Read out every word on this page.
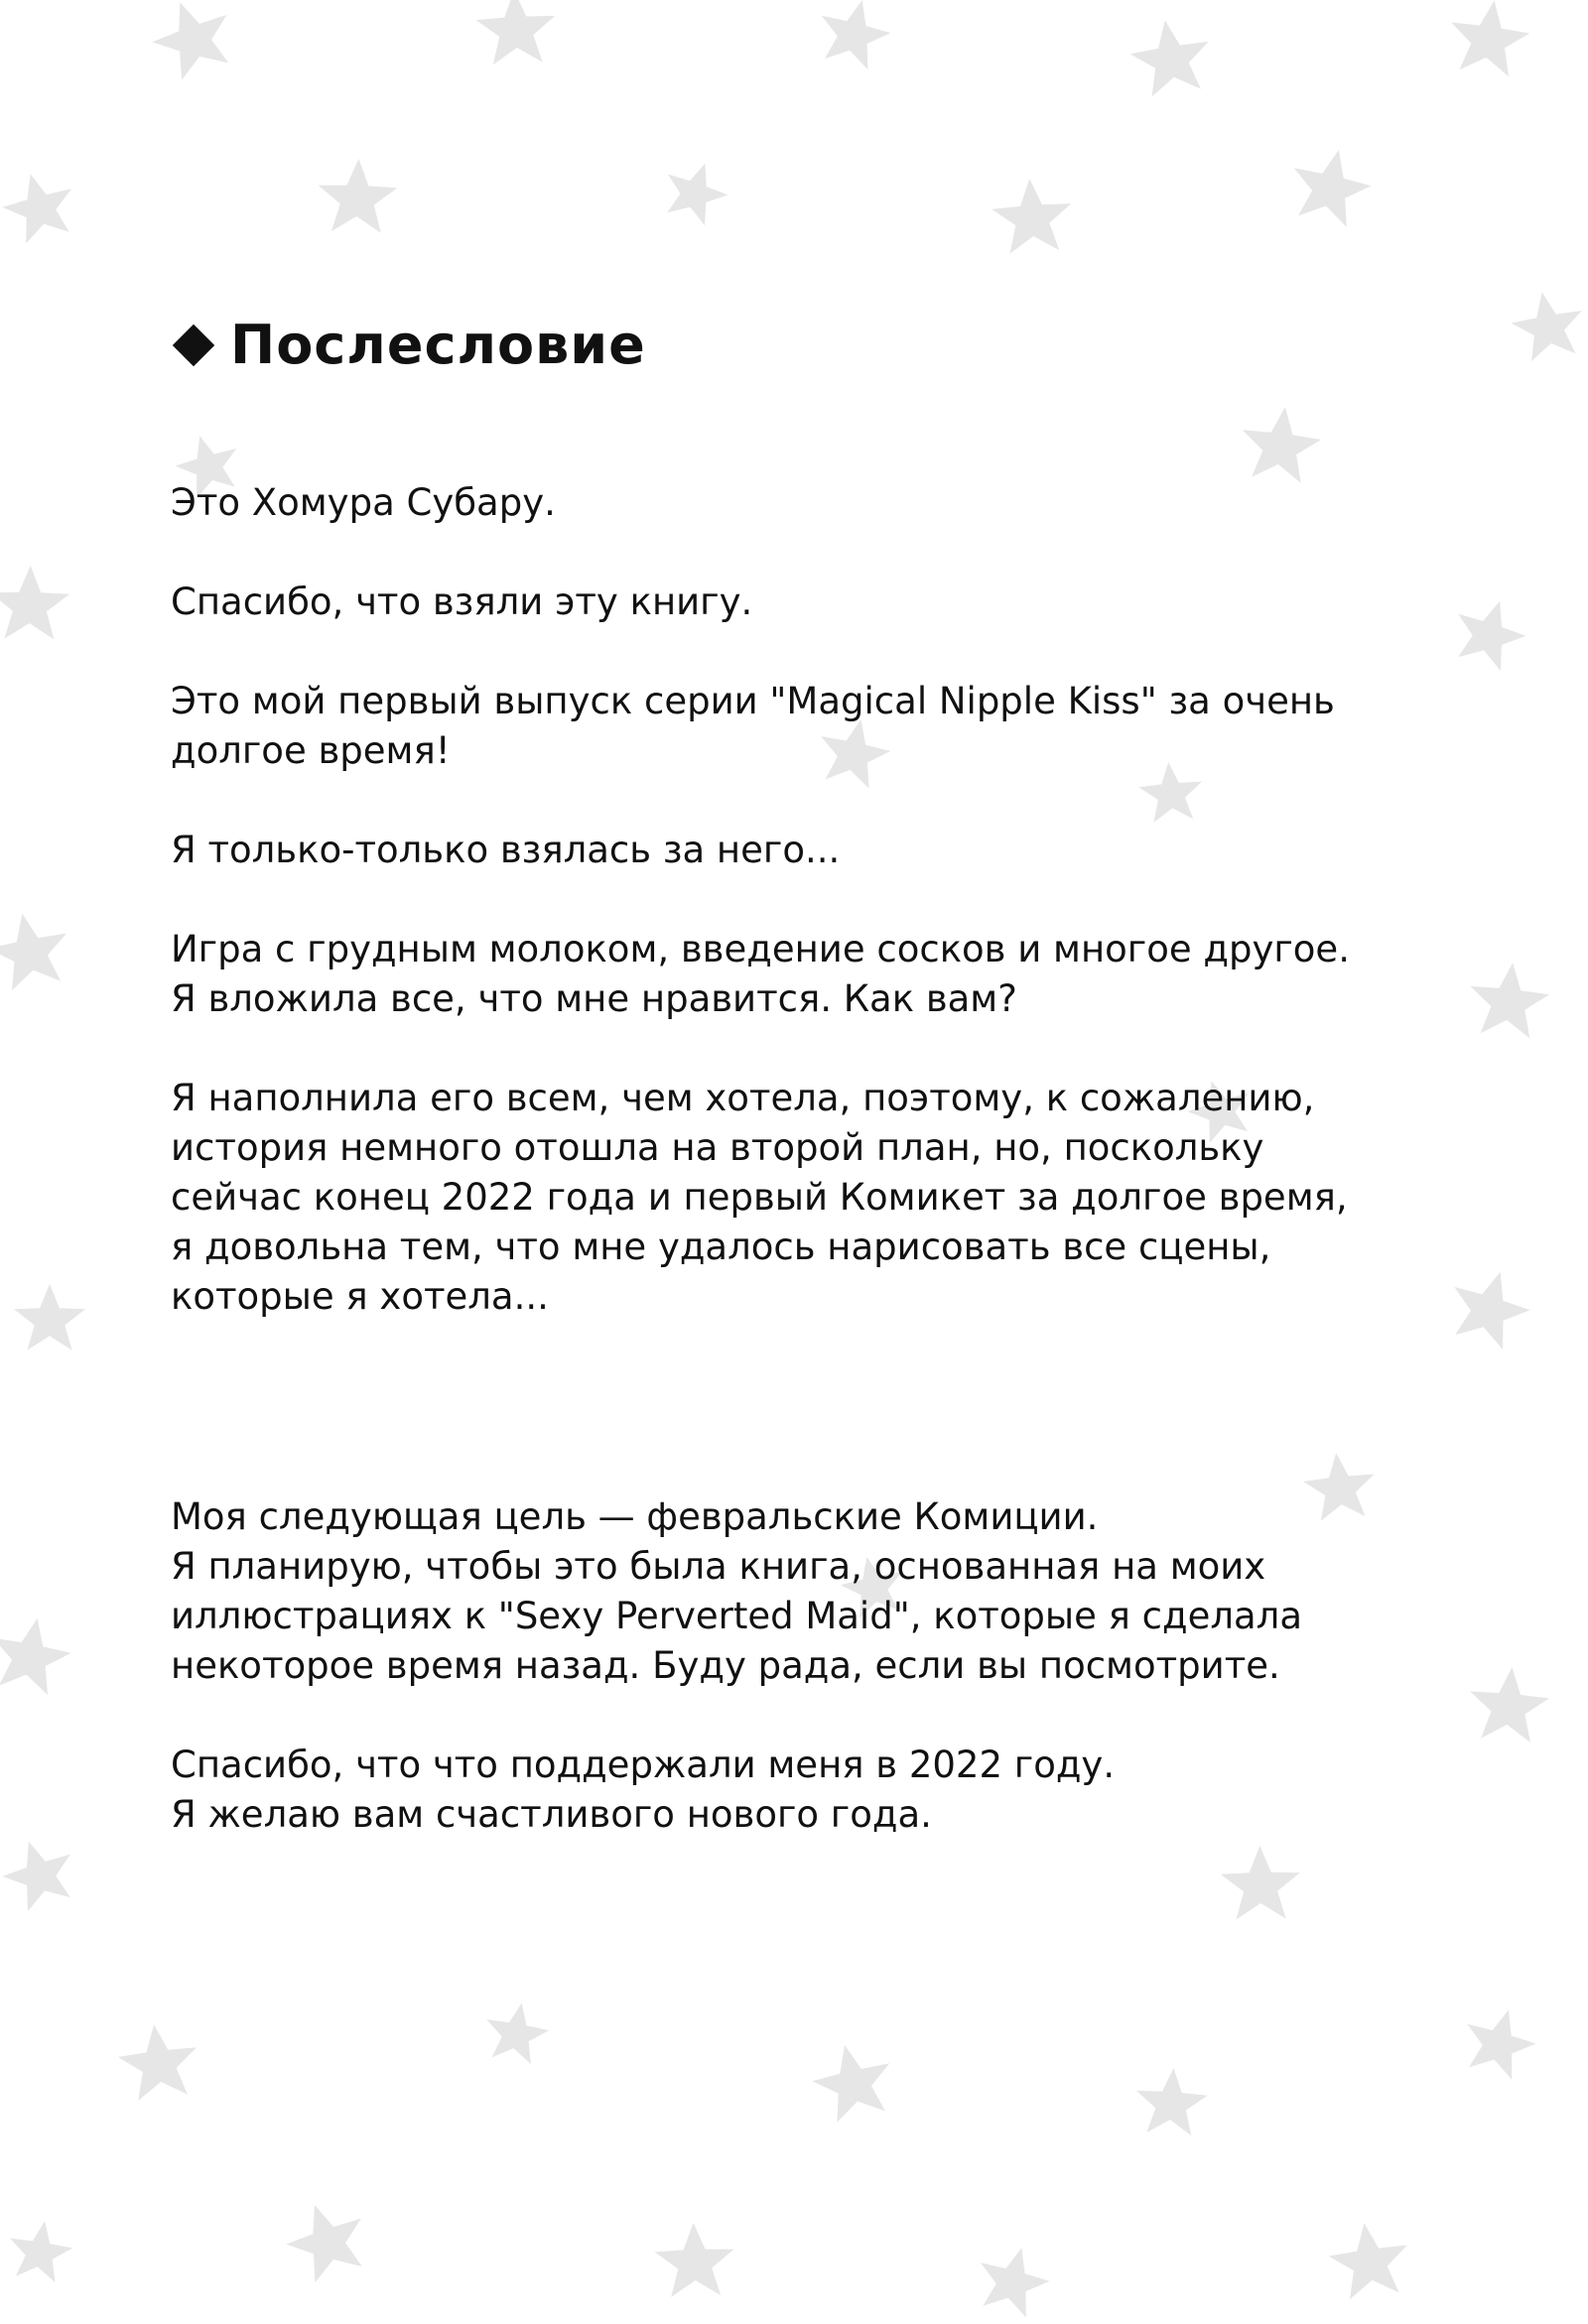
Послесловие
Это Хомура Субару.
Спасибо, что взяли эту книгу.
Это мой первый выпуск серии "Magical Nipple Kiss" за очень
долгое время!
Я только-только взялась за него...
Игра с грудным молоком, введение сосков и многое другое.
Я вложила все, что мне нравится. Как вам?
Я наполнила его всем, чем хотела, поэтому, к сожалению,
история немного отошла на второй план, но, поскольку
сейчас конец 2022 года и первый Комикет за долгое время,
я довольна тем, что мне удалось нарисовать все сцены,
которые я хотела...
Моя следующая цель — февральские Комиции.
Я планирую, чтобы это была книга, основанная на моих
иллюстрациях к "Sexy Perverted Maid", которые я сделала
некоторое время назад. Буду рада, если вы посмотрите.
Спасибо, что что поддержали меня в 2022 году.
Я желаю вам счастливого нового года.
